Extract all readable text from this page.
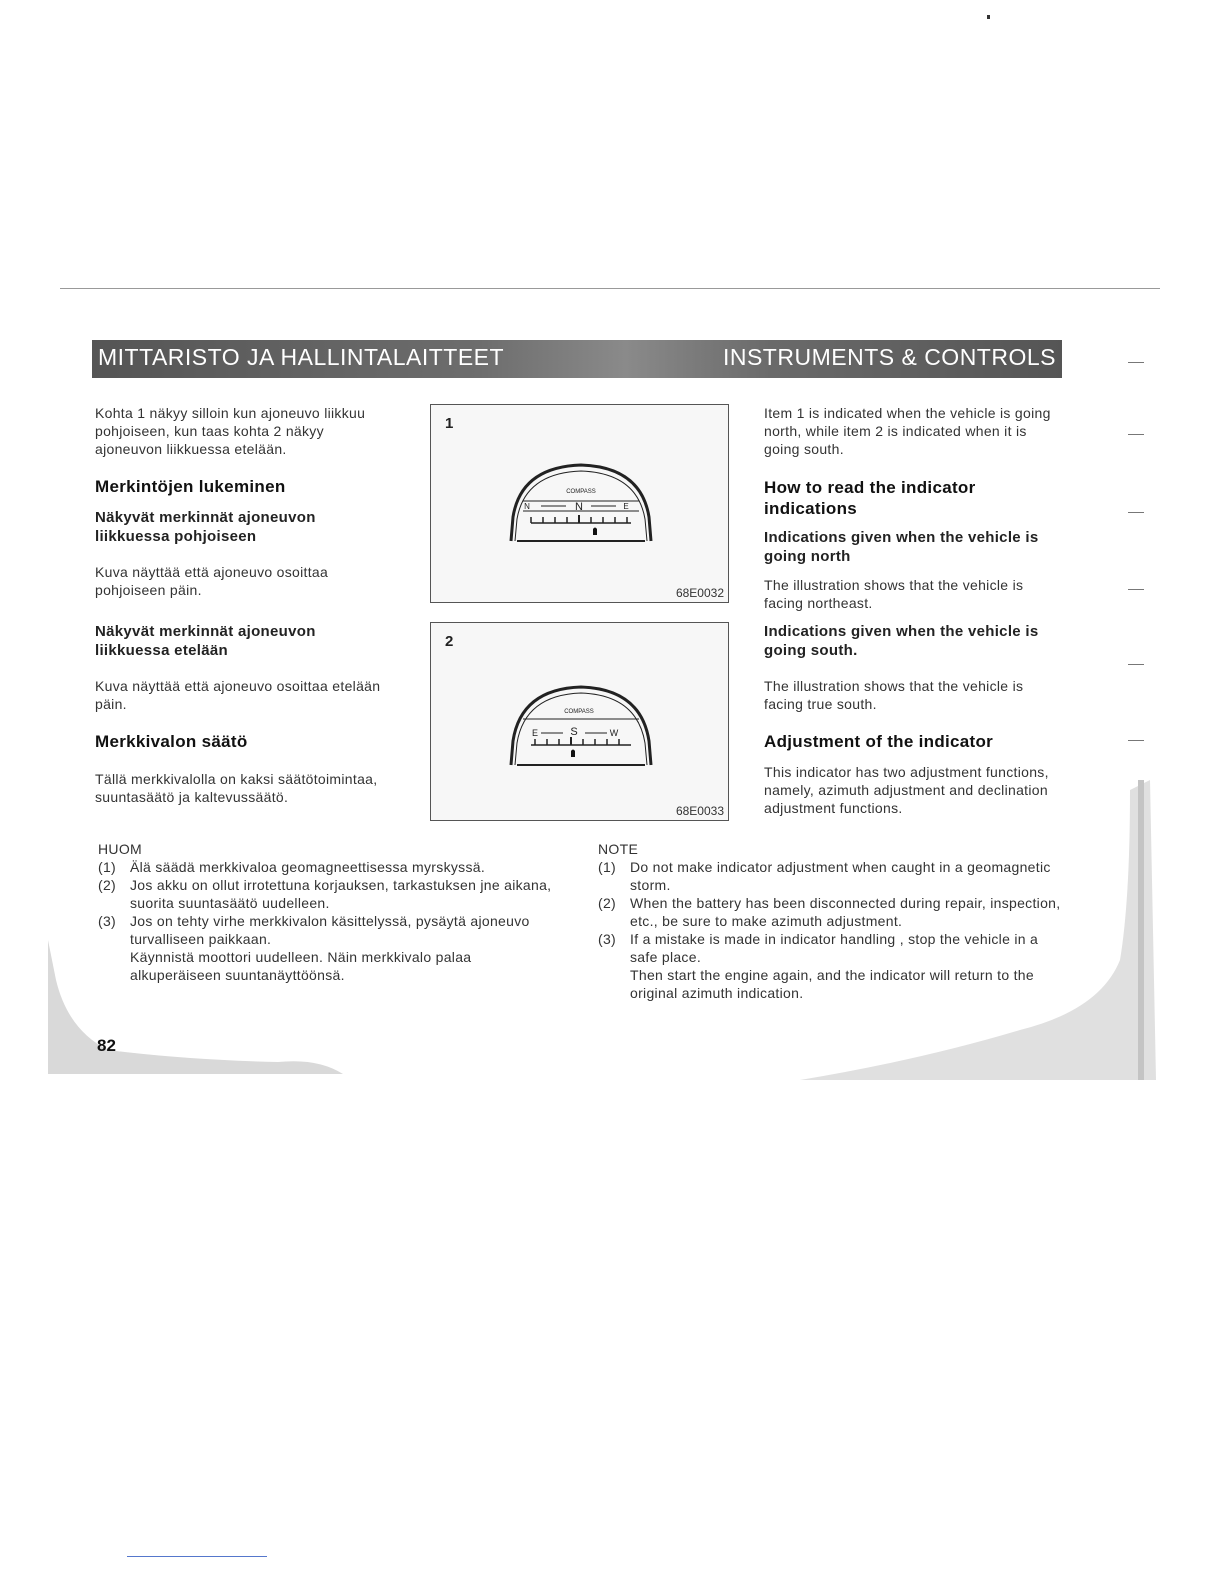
MITTARISTO JA HALLINTALAITTEET	INSTRUMENTS & CONTROLS

Kohta 1 näkyy silloin kun ajoneuvo liikkuu pohjoiseen, kun taas kohta 2 näkyy ajoneuvon liikkuessa etelään.

Merkintöjen lukeminen

Näkyvät merkinnät ajoneuvon liikkuessa pohjoiseen

Kuva näyttää että ajoneuvo osoittaa pohjoiseen päin.

Näkyvät merkinnät ajoneuvon liikkuessa etelään

Kuva näyttää että ajoneuvo osoittaa etelään päin.

Merkkivalon säätö

Tällä merkkivalolla on kaksi säätötoimintaa, suuntasäätö ja kaltevussäätö.

1
COMPASS
N	N	E
68E0032
2
COMPASS
E	S	W
68E0033

Item 1 is indicated when the vehicle is going north, while item 2 is indicated when it is going south.

How to read the indicator indications

Indications given when the vehicle is going north

The illustration shows that the vehicle is facing northeast.

Indications given when the vehicle is going south.

The illustration shows that the vehicle is facing true south.

Adjustment of the indicator

This indicator has two adjustment functions, namely, azimuth adjustment and declination adjustment functions.

HUOM
(1) Älä säädä merkkivaloa geomagneettisessa myrskyssä.
(2) Jos akku on ollut irrotettuna korjauksen, tarkastuksen jne aikana, suorita suuntasäätö uudelleen.
(3) Jos on tehty virhe merkkivalon käsittelyssä, pysäytä ajoneuvo turvalliseen paikkaan.
Käynnistä moottori uudelleen. Näin merkkivalo palaa alkuperäiseen suuntanäyttöönsä.
NOTE
(1) Do not make indicator adjustment when caught in a geomagnetic storm.
(2) When the battery has been disconnected during repair, inspection, etc., be sure to make azimuth adjustment.
(3) If a mistake is made in indicator handling , stop the vehicle in a safe place.
Then start the engine again, and the indicator will return to the original azimuth indication.
82
